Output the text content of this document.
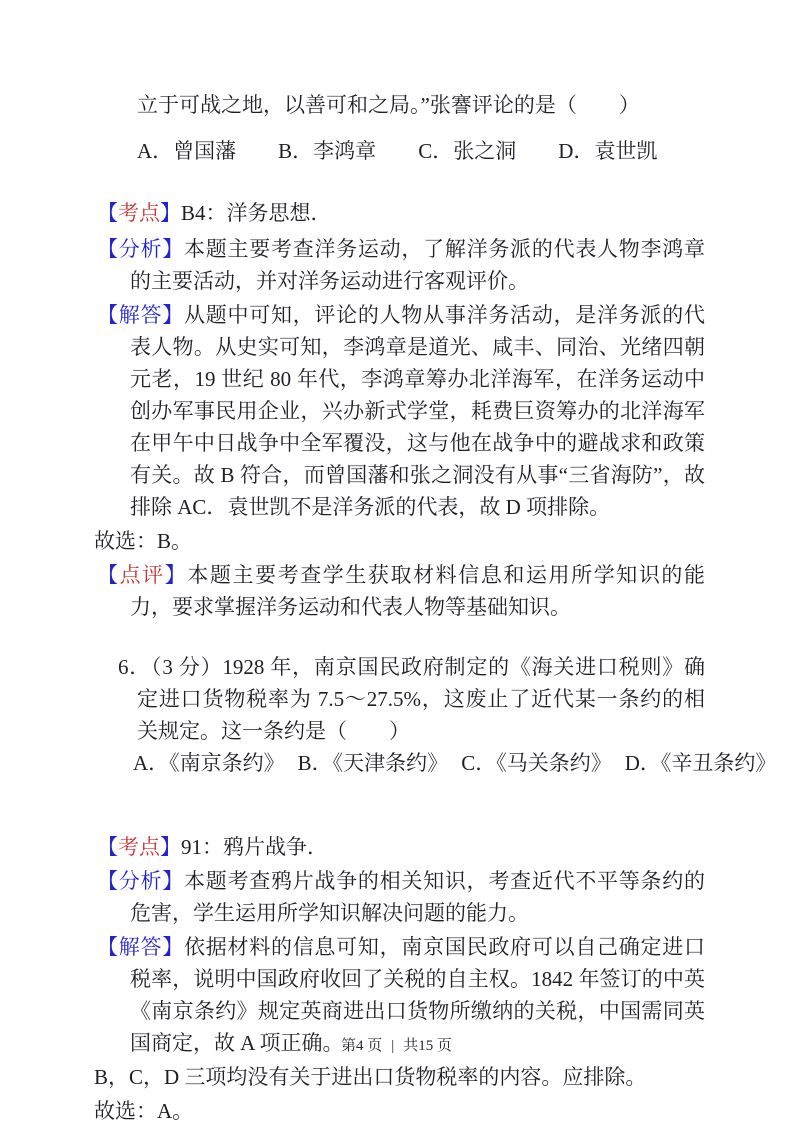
立于可战之地，以善可和之局。”张謇评论的是（　　）

A．曾国藩 B．李鸿章 C．张之洞 D．袁世凯

【考点】B4：洋务思想．

【分析】本题主要考查洋务运动，了解洋务派的代表人物李鸿章的主要活动，并对洋务运动进行客观评价。

【解答】从题中可知，评论的人物从事洋务活动，是洋务派的代表人物。从史实可知，李鸿章是道光、咸丰、同治、光绪四朝元老，19 世纪 80 年代，李鸿章筹办北洋海军，在洋务运动中创办军事民用企业，兴办新式学堂，耗费巨资筹办的北洋海军在甲午中日战争中全军覆没，这与他在战争中的避战求和政策有关。故 B 符合，而曾国藩和张之洞没有从事“三省海防”，故排除 AC．袁世凯不是洋务派的代表，故 D 项排除。

故选：B。

【点评】本题主要考查学生获取材料信息和运用所学知识的能力，要求掌握洋务运动和代表人物等基础知识。

6．（3 分）1928 年，南京国民政府制定的《海关进口税则》确定进口货物税率为 7.5～27.5%，这废止了近代某一条约的相关规定。这一条约是（　　）

A．《南京条约》 B．《天津条约》 C．《马关条约》 D．《辛丑条约》

【考点】91：鸦片战争．

【分析】本题考查鸦片战争的相关知识，考查近代不平等条约的危害，学生运用所学知识解决问题的能力。

【解答】依据材料的信息可知，南京国民政府可以自己确定进口税率，说明中国政府收回了关税的自主权。1842 年签订的中英《南京条约》规定英商进出口货物所缴纳的关税，中国需同英国商定，故 A 项正确。

B，C，D 三项均没有关于进出口货物税率的内容。应排除。

故选：A。

第4 页 | 共15 页
